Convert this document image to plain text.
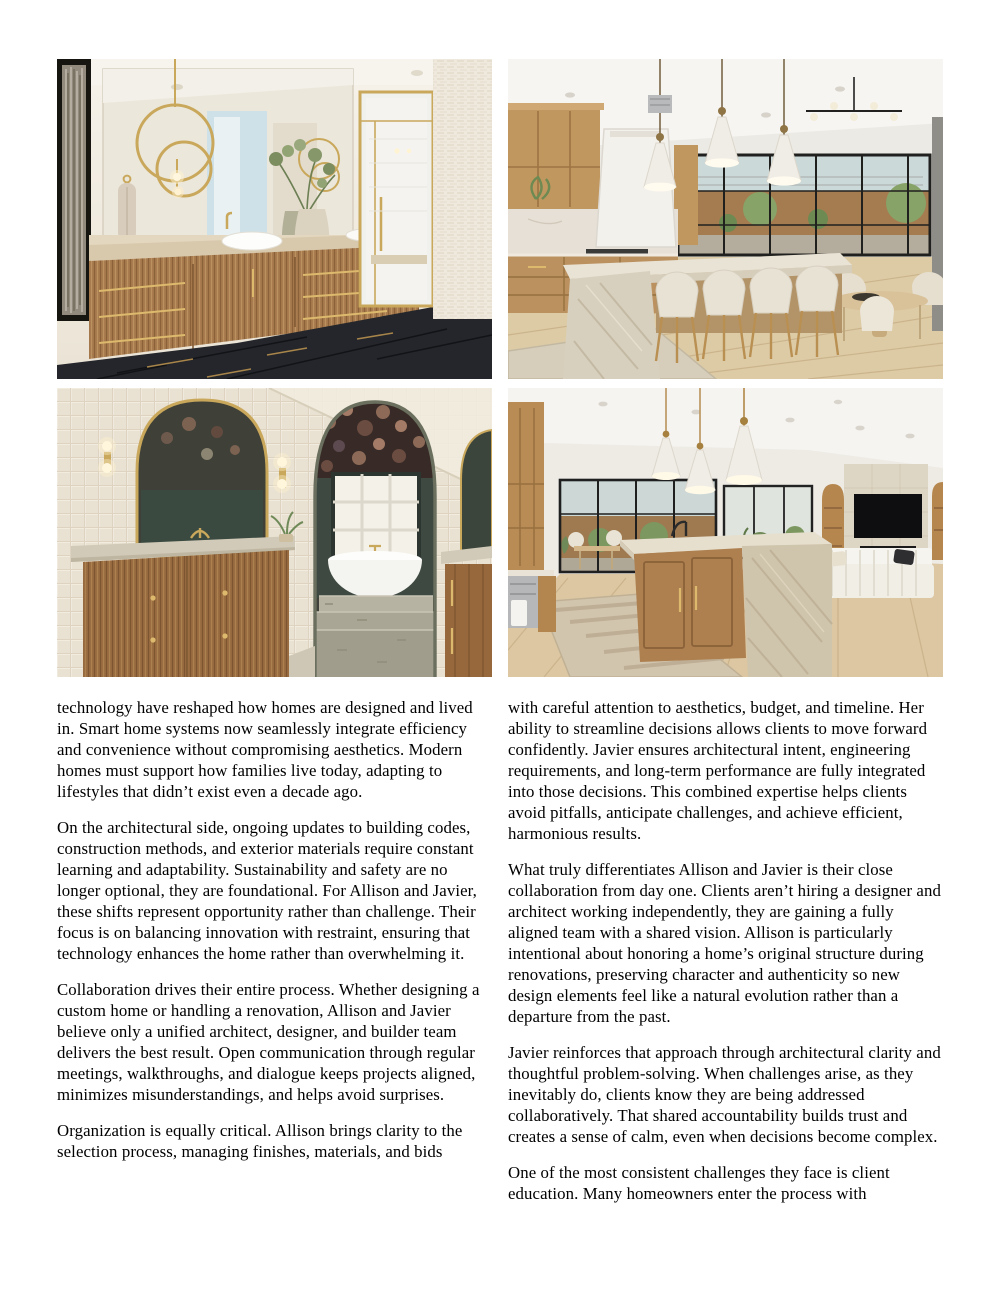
technology have reshaped how homes are designed and lived in. Smart home systems now seamlessly integrate efficiency and convenience without compromising aesthetics. Modern homes must support how families live today, adapting to lifestyles that didn’t exist even a decade ago.

On the architectural side, ongoing updates to building codes, construction methods, and exterior materials require constant learning and adaptability. Sustainability and safety are no longer optional, they are foundational. For Allison and Javier, these shifts represent opportunity rather than challenge. Their focus is on balancing innovation with restraint, ensuring that technology enhances the home rather than overwhelming it.

Collaboration drives their entire process. Whether designing a custom home or handling a renovation, Allison and Javier believe only a unified architect, designer, and builder team delivers the best result. Open communication through regular meetings, walkthroughs, and dialogue keeps projects aligned, minimizes misunderstandings, and helps avoid surprises.

Organization is equally critical. Allison brings clarity to the selection process, managing finishes, materials, and bids

with careful attention to aesthetics, budget, and timeline. Her ability to streamline decisions allows clients to move forward confidently. Javier ensures architectural intent, engineering requirements, and long-term performance are fully integrated into those decisions. This combined expertise helps clients avoid pitfalls, anticipate challenges, and achieve efficient, harmonious results.

What truly differentiates Allison and Javier is their close collaboration from day one. Clients aren’t hiring a designer and architect working independently, they are gaining a fully aligned team with a shared vision. Allison is particularly intentional about honoring a home’s original structure during renovations, preserving character and authenticity so new design elements feel like a natural evolution rather than a departure from the past.

Javier reinforces that approach through architectural clarity and thoughtful problem-solving. When challenges arise, as they inevitably do, clients know they are being addressed collaboratively. That shared accountability builds trust and creates a sense of calm, even when decisions become complex.

One of the most consistent challenges they face is client education. Many homeowners enter the process with
